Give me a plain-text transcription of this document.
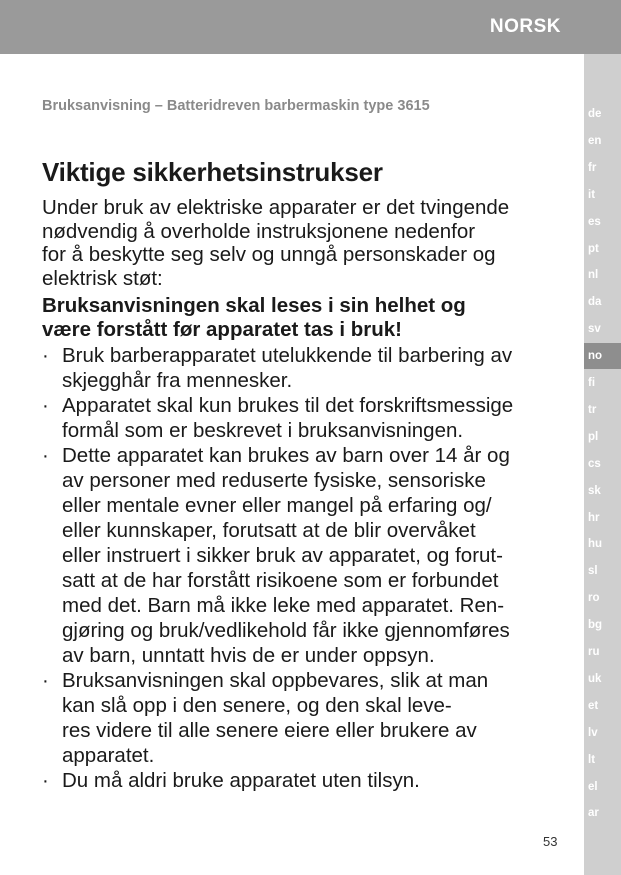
NORSK
de
en
fr
it
es
pt
nl
da
sv
no
fi
tr
pl
cs
sk
hr
hu
sl
ro
bg
ru
uk
et
lv
lt
el
ar
Bruksanvisning – Batteridreven barbermaskin type 3615
Viktige sikkerhetsinstrukser

Under bruk av elektriske apparater er det tvingende
nødvendig å overholde instruksjonene nedenfor
for å beskytte seg selv og unngå personskader og
elektrisk støt:

Bruksanvisningen skal leses i sin helhet og
være forstått før apparatet tas i bruk!

· Bruk barberapparatet utelukkende til barbering av
skjegghår fra mennesker.
· Apparatet skal kun brukes til det forskriftsmessige
formål som er beskrevet i bruksanvisningen.
· Dette apparatet kan brukes av barn over 14 år og
av personer med reduserte fysiske, sensoriske
eller mentale evner eller mangel på erfaring og/
eller kunnskaper, forutsatt at de blir overvåket
eller instruert i sikker bruk av apparatet, og forut-
satt at de har forstått risikoene som er forbundet
med det. Barn må ikke leke med apparatet. Ren-
gjøring og bruk/vedlikehold får ikke gjennomføres
av barn, unntatt hvis de er under oppsyn.
· Bruksanvisningen skal oppbevares, slik at man
kan slå opp i den senere, og den skal leve-
res videre til alle senere eiere eller brukere av
apparatet.
· Du må aldri bruke apparatet uten tilsyn.
53
